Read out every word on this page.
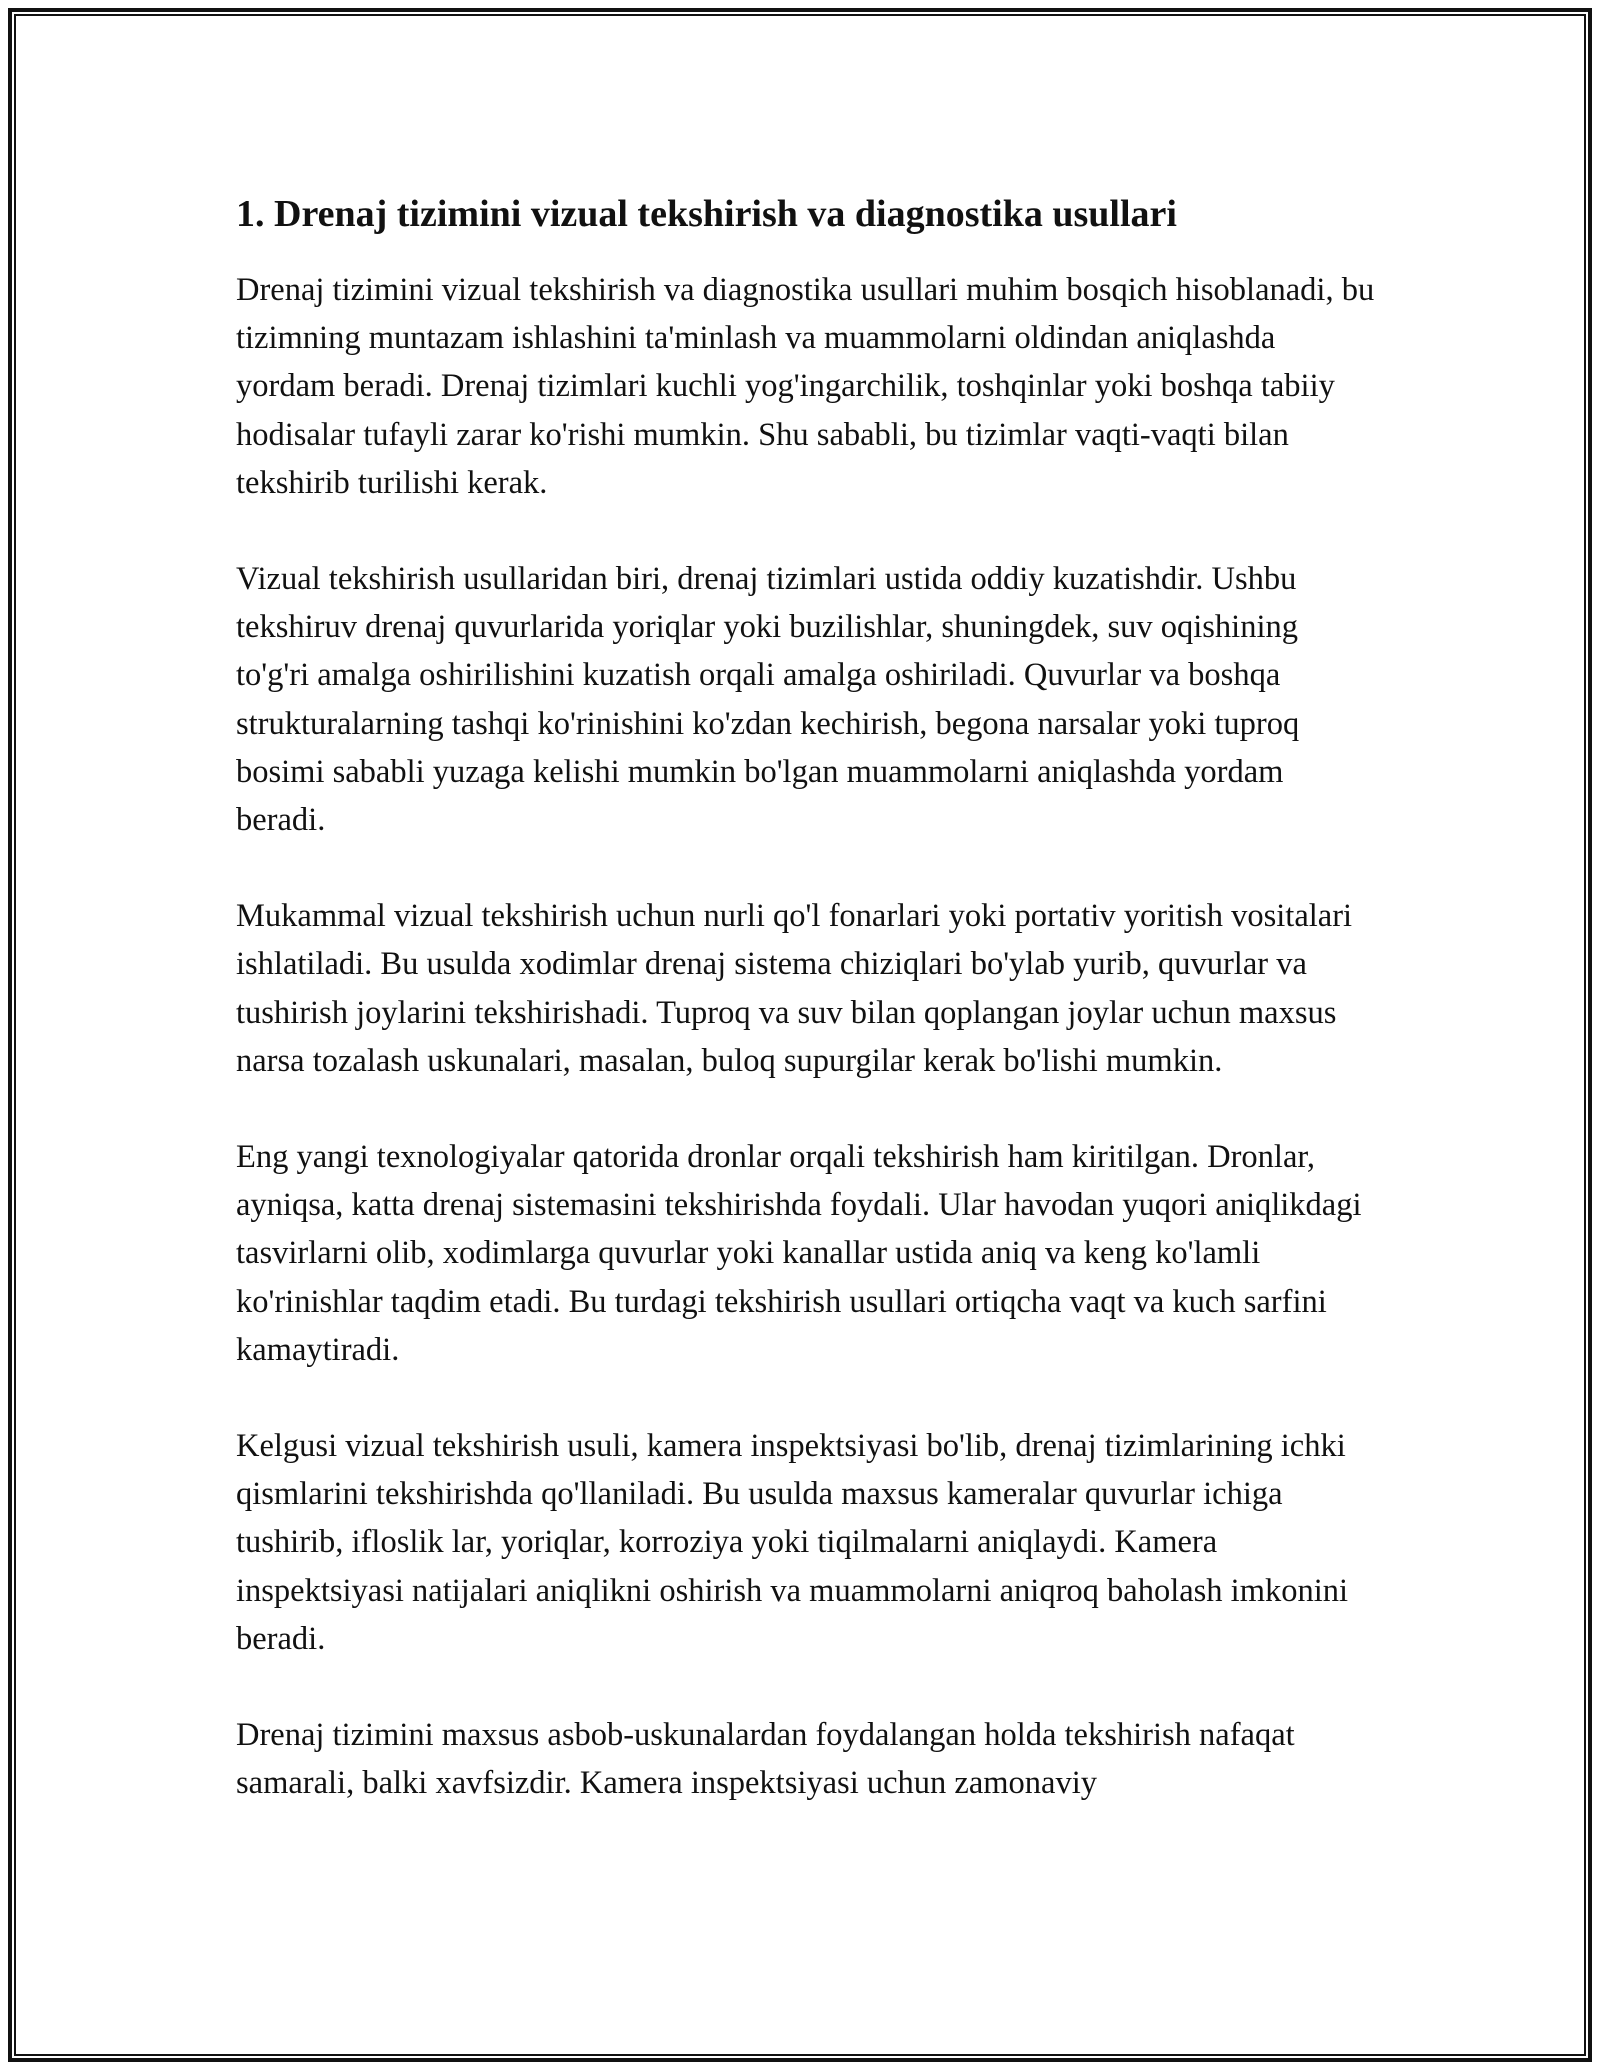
1. Drenaj tizimini vizual tekshirish va diagnostika usullari

Drenaj tizimini vizual tekshirish va diagnostika usullari muhim bosqich hisoblanadi, bu tizimning muntazam ishlashini ta'minlash va muammolarni oldindan aniqlashda yordam beradi. Drenaj tizimlari kuchli yog'ingarchilik, toshqinlar yoki boshqa tabiiy hodisalar tufayli zarar ko'rishi mumkin. Shu sababli, bu tizimlar vaqti-vaqti bilan tekshirib turilishi kerak.

Vizual tekshirish usullaridan biri, drenaj tizimlari ustida oddiy kuzatishdir. Ushbu tekshiruv drenaj quvurlarida yoriqlar yoki buzilishlar, shuningdek, suv oqishining to'g'ri amalga oshirilishini kuzatish orqali amalga oshiriladi. Quvurlar va boshqa strukturalarning tashqi ko'rinishini ko'zdan kechirish, begona narsalar yoki tuproq bosimi sababli yuzaga kelishi mumkin bo'lgan muammolarni aniqlashda yordam beradi.

Mukammal vizual tekshirish uchun nurli qo'l fonarlari yoki portativ yoritish vositalari ishlatiladi. Bu usulda xodimlar drenaj sistema chiziqlari bo'ylab yurib, quvurlar va tushirish joylarini tekshirishadi. Tuproq va suv bilan qoplangan joylar uchun maxsus narsa tozalash uskunalari, masalan, buloq supurgilar kerak bo'lishi mumkin.

Eng yangi texnologiyalar qatorida dronlar orqali tekshirish ham kiritilgan. Dronlar, ayniqsa, katta drenaj sistemasini tekshirishda foydali. Ular havodan yuqori aniqlikdagi tasvirlarni olib, xodimlarga quvurlar yoki kanallar ustida aniq va keng ko'lamli ko'rinishlar taqdim etadi. Bu turdagi tekshirish usullari ortiqcha vaqt va kuch sarfini kamaytiradi.

Kelgusi vizual tekshirish usuli, kamera inspektsiyasi bo'lib, drenaj tizimlarining ichki qismlarini tekshirishda qo'llaniladi. Bu usulda maxsus kameralar quvurlar ichiga tushirib, ifloslik lar, yoriqlar, korroziya yoki tiqilmalarni aniqlaydi. Kamera inspektsiyasi natijalari aniqlikni oshirish va muammolarni aniqroq baholash imkonini beradi.

Drenaj tizimini maxsus asbob-uskunalardan foydalangan holda tekshirish nafaqat samarali, balki xavfsizdir. Kamera inspektsiyasi uchun zamonaviy
